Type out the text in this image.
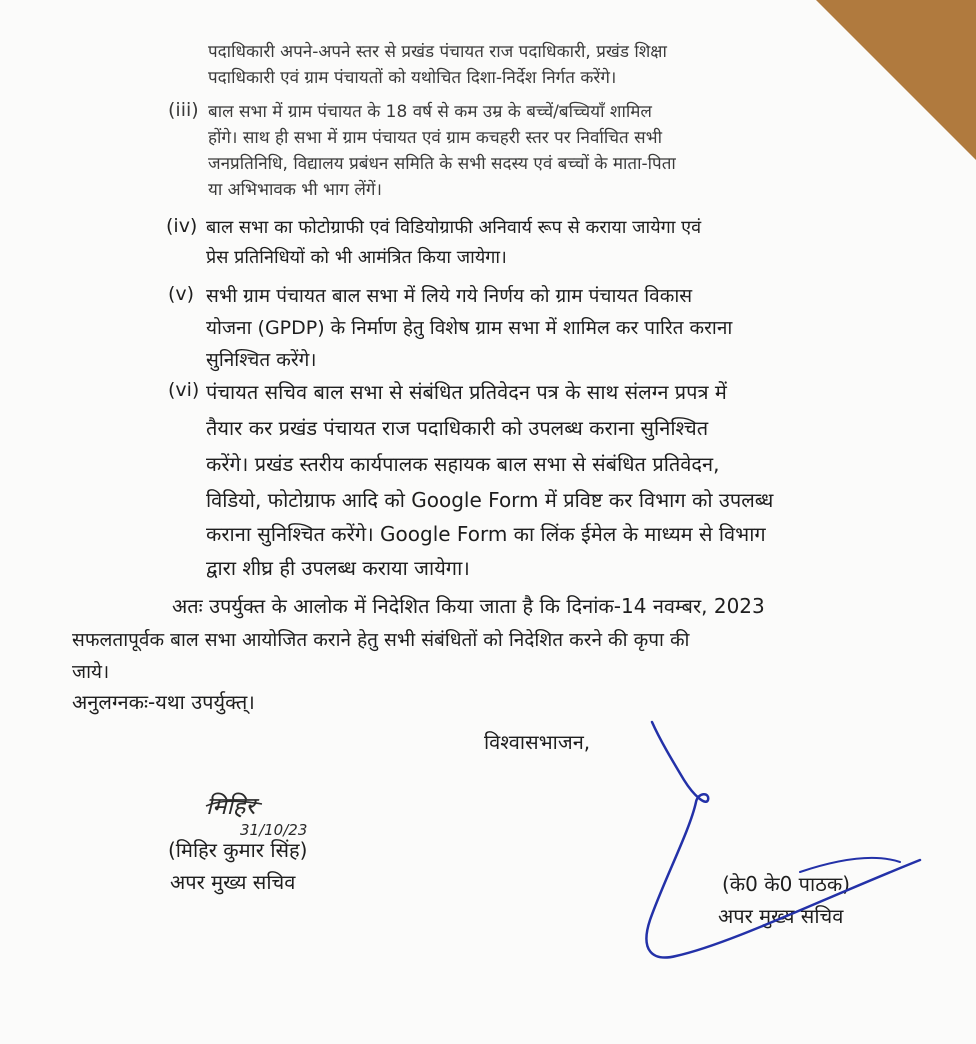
पदाधिकारी अपने-अपने स्तर से प्रखंड पंचायत राज पदाधिकारी, प्रखंड शिक्षा
पदाधिकारी एवं ग्राम पंचायतों को यथोचित दिशा-निर्देश निर्गत करेंगे।
(iii) बाल सभा में ग्राम पंचायत के 18 वर्ष से कम उम्र के बच्चें/बच्चियाँ शामिल
होंगे। साथ ही सभा में ग्राम पंचायत एवं ग्राम कचहरी स्तर पर निर्वाचित सभी
जनप्रतिनिधि, विद्यालय प्रबंधन समिति के सभी सदस्य एवं बच्चों के माता-पिता
या अभिभावक भी भाग लेंगें।
(iv) बाल सभा का फोटोग्राफी एवं विडियोग्राफी अनिवार्य रूप से कराया जायेगा एवं
प्रेस प्रतिनिधियों को भी आमंत्रित किया जायेगा।
(v) सभी ग्राम पंचायत बाल सभा में लिये गये निर्णय को ग्राम पंचायत विकास
योजना (GPDP) के निर्माण हेतु विशेष ग्राम सभा में शामिल कर पारित कराना
सुनिश्चित करेंगे।
(vi) पंचायत सचिव बाल सभा से संबंधित प्रतिवेदन पत्र के साथ संलग्न प्रपत्र में
तैयार कर प्रखंड पंचायत राज पदाधिकारी को उपलब्ध कराना सुनिश्चित
करेंगे। प्रखंड स्तरीय कार्यपालक सहायक बाल सभा से संबंधित प्रतिवेदन,
विडियो, फोटोग्राफ आदि को Google Form में प्रविष्ट कर विभाग को उपलब्ध
कराना सुनिश्चित करेंगे। Google Form का लिंक ईमेल के माध्यम से विभाग
द्वारा शीघ्र ही उपलब्ध कराया जायेगा।
अतः उपर्युक्त के आलोक में निदेशित किया जाता है कि दिनांक-14 नवम्बर, 2023
सफलतापूर्वक बाल सभा आयोजित कराने हेतु सभी संबंधितों को निदेशित करने की कृपा की
जाये।
अनुलग्नकः-यथा उपर्युक्त्।
विश्वासभाजन,
मिहिर
31/10/23
(मिहिर कुमार सिंह)
अपर मुख्य सचिव	(के0 के0 पाठक)
अपर मुख्य सचिव
